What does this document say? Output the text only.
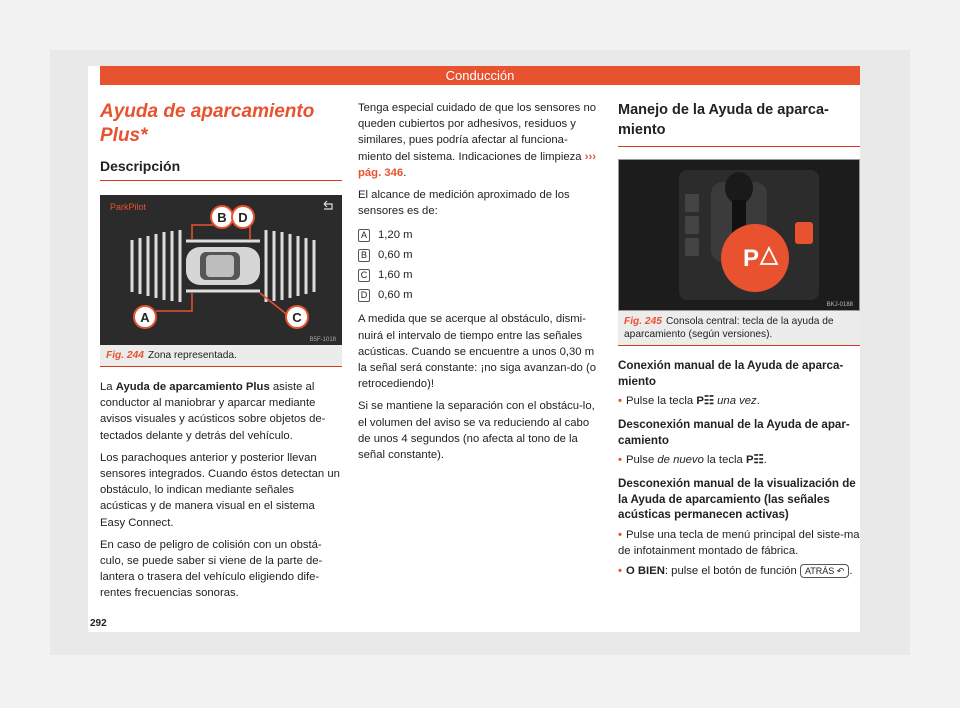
Conducción
Ayuda de aparcamiento Plus*
Descripción
ParkPilot
B D
A	C
B5F-1018

Fig. 244 Zona representada.

La Ayuda de aparcamiento Plus asiste al conductor al maniobrar y aparcar mediante avisos visuales y acústicos sobre objetos de-tectados delante y detrás del vehículo.

Los parachoques anterior y posterior llevan sensores integrados. Cuando éstos detectan un obstáculo, lo indican mediante señales acústicas y de manera visual en el sistema Easy Connect.

En caso de peligro de colisión con un obstá-culo, se puede saber si viene de la parte de-lantera o trasera del vehículo eligiendo dife-rentes frecuencias sonoras.

Tenga especial cuidado de que los sensores no queden cubiertos por adhesivos, residuos y similares, pues podría afectar al funciona-miento del sistema. Indicaciones de limpieza ››› pág. 346.

El alcance de medición aproximado de los sensores es de:

A 1,20 m
B 0,60 m
C 1,60 m
D 0,60 m

A medida que se acerque al obstáculo, dismi-nuirá el intervalo de tiempo entre las señales acústicas. Cuando se encuentre a unos 0,30 m la señal será constante: ¡no siga avanzan-do (o retrocediendo)!

Si se mantiene la separación con el obstácu-lo, el volumen del aviso se va reduciendo al cabo de unos 4 segundos (no afecta al tono de la señal constante).

Manejo de la Ayuda de aparca-miento
P
BKJ-0188

Fig. 245 Consola central: tecla de la ayuda de aparcamiento (según versiones).

Conexión manual de la Ayuda de aparca-miento

• Pulse la tecla P☷ una vez.

Desconexión manual de la Ayuda de apar-camiento

• Pulse de nuevo la tecla P☷.

Desconexión manual de la visualización de la Ayuda de aparcamiento (las señales acústicas permanecen activas)

• Pulse una tecla de menú principal del siste-ma de infotainment montado de fábrica.

• O BIEN: pulse el botón de función ATRÁS ↶ .

292
